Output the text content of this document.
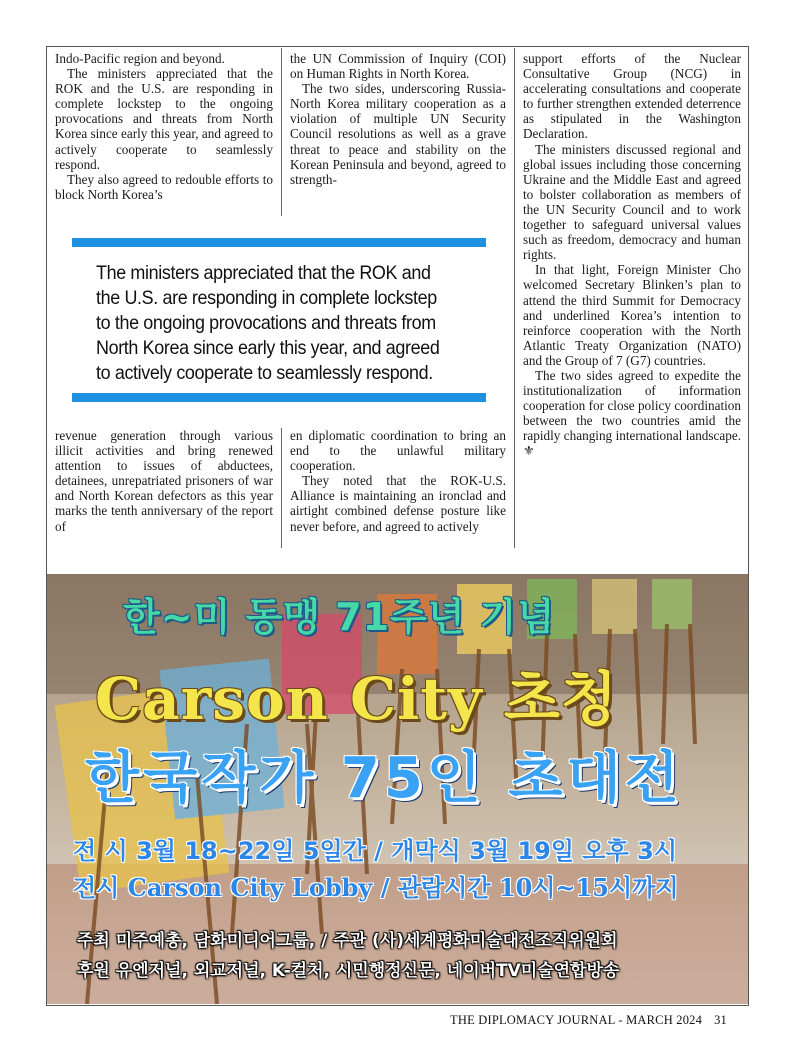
Indo-Pacific region and beyond.

The ministers appreciated that the ROK and the U.S. are responding in complete lockstep to the ongoing provocations and threats from North Korea since early this year, and agreed to actively cooperate to seamlessly respond.

They also agreed to redouble efforts to block North Korea’s

the UN Commission of Inquiry (COI) on Human Rights in North Korea.

The two sides, underscoring Russia-North Korea military cooperation as a violation of multiple UN Security Council resolutions as well as a grave threat to peace and stability on the Korean Peninsula and beyond, agreed to strength-

support efforts of the Nuclear Consultative Group (NCG) in accelerating consultations and cooperate to further strengthen extended deterrence as stipulated in the Washington Declaration.

The ministers discussed regional and global issues including those concerning Ukraine and the Middle East and agreed to bolster collaboration as members of the UN Security Council and to work together to safeguard universal values such as freedom, democracy and human rights.

In that light, Foreign Minister Cho welcomed Secretary Blinken’s plan to attend the third Summit for Democracy and underlined Korea’s intention to reinforce cooperation with the North Atlantic Treaty Organization (NATO) and the Group of 7 (G7) countries.

The two sides agreed to expedite the institutionalization of information cooperation for close policy coordination between the two countries amid the rapidly changing international landscape. ⚜

The ministers appreciated that the ROK and the U.S. are responding in complete lockstep to the ongoing provocations and threats from North Korea since early this year, and agreed to actively cooperate to seamlessly respond.

revenue generation through various illicit activities and bring renewed attention to issues of abductees, detainees, unrepatriated prisoners of war and North Korean defectors as this year marks the tenth anniversary of the report of

en diplomatic coordination to bring an end to the unlawful military cooperation.

They noted that the ROK-U.S. Alliance is maintaining an ironclad and airtight combined defense posture like never before, and agreed to actively

한~미 동맹 71주년 기념
Carson City 초청
한국작가 75인 초대전
전 시 3월 18~22일 5일간 / 개막식 3월 19일 오후 3시
전시 Carson City Lobby / 관람시간 10시~15시까지
주최 미주예총, 담화미디어그룹, / 주관 (사)세계평화미술대전조직위원회
후원 유엔저널, 외교저널, K-컬처, 시민행정신문, 네이버TV미술연합방송
THE DIPLOMACY JOURNAL - MARCH 2024 31
